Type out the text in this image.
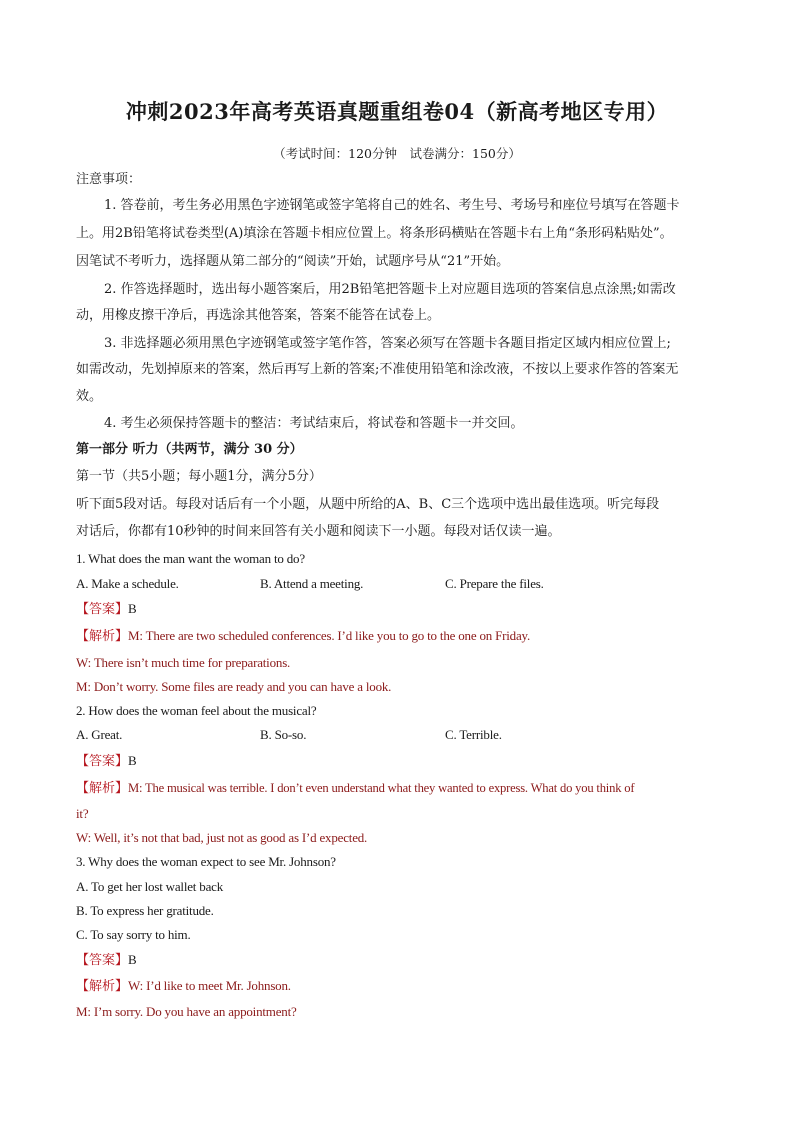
冲刺2023年高考英语真题重组卷04（新高考地区专用）
（考试时间：120分钟　试卷满分：150分）
注意事项：
1. 答卷前，考生务必用黑色字迹钢笔或签字笔将自己的姓名、考生号、考场号和座位号填写在答题卡
上。用2B铅笔将试卷类型(A)填涂在答题卡相应位置上。将条形码横贴在答题卡右上角“条形码粘贴处”。
因笔试不考听力，选择题从第二部分的“阅读”开始，试题序号从“21”开始。
2. 作答选择题时，选出每小题答案后，用2B铅笔把答题卡上对应题目选项的答案信息点涂黑;如需改
动，用橡皮擦干净后，再选涂其他答案，答案不能答在试卷上。
3. 非选择题必须用黑色字迹钢笔或签字笔作答，答案必须写在答题卡各题目指定区域内相应位置上;
如需改动，先划掉原来的答案，然后再写上新的答案;不准使用铅笔和涂改液，不按以上要求作答的答案无
效。
4. 考生必须保持答题卡的整洁：考试结束后，将试卷和答题卡一并交回。
第一部分 听力（共两节，满分 30 分）
第一节（共5小题；每小题1分，满分5分）
听下面5段对话。每段对话后有一个小题，从题中所给的A、B、C三个选项中选出最佳选项。听完每段
对话后，你都有10秒钟的时间来回答有关小题和阅读下一小题。每段对话仅读一遍。
1. What does the man want the woman to do?
A. Make a schedule.	B. Attend a meeting.	C. Prepare the files.
【答案】B
【解析】M: There are two scheduled conferences. I’d like you to go to the one on Friday.
W: There isn’t much time for preparations.
M: Don’t worry. Some files are ready and you can have a look.
2. How does the woman feel about the musical?
A. Great.	B. So-so.	C. Terrible.
【答案】B
【解析】M: The musical was terrible. I don’t even understand what they wanted to express. What do you think of
it?
W: Well, it’s not that bad, just not as good as I’d expected.
3. Why does the woman expect to see Mr. Johnson?
A. To get her lost wallet back
B. To express her gratitude.
C. To say sorry to him.
【答案】B
【解析】W: I’d like to meet Mr. Johnson.
M: I’m sorry. Do you have an appointment?
